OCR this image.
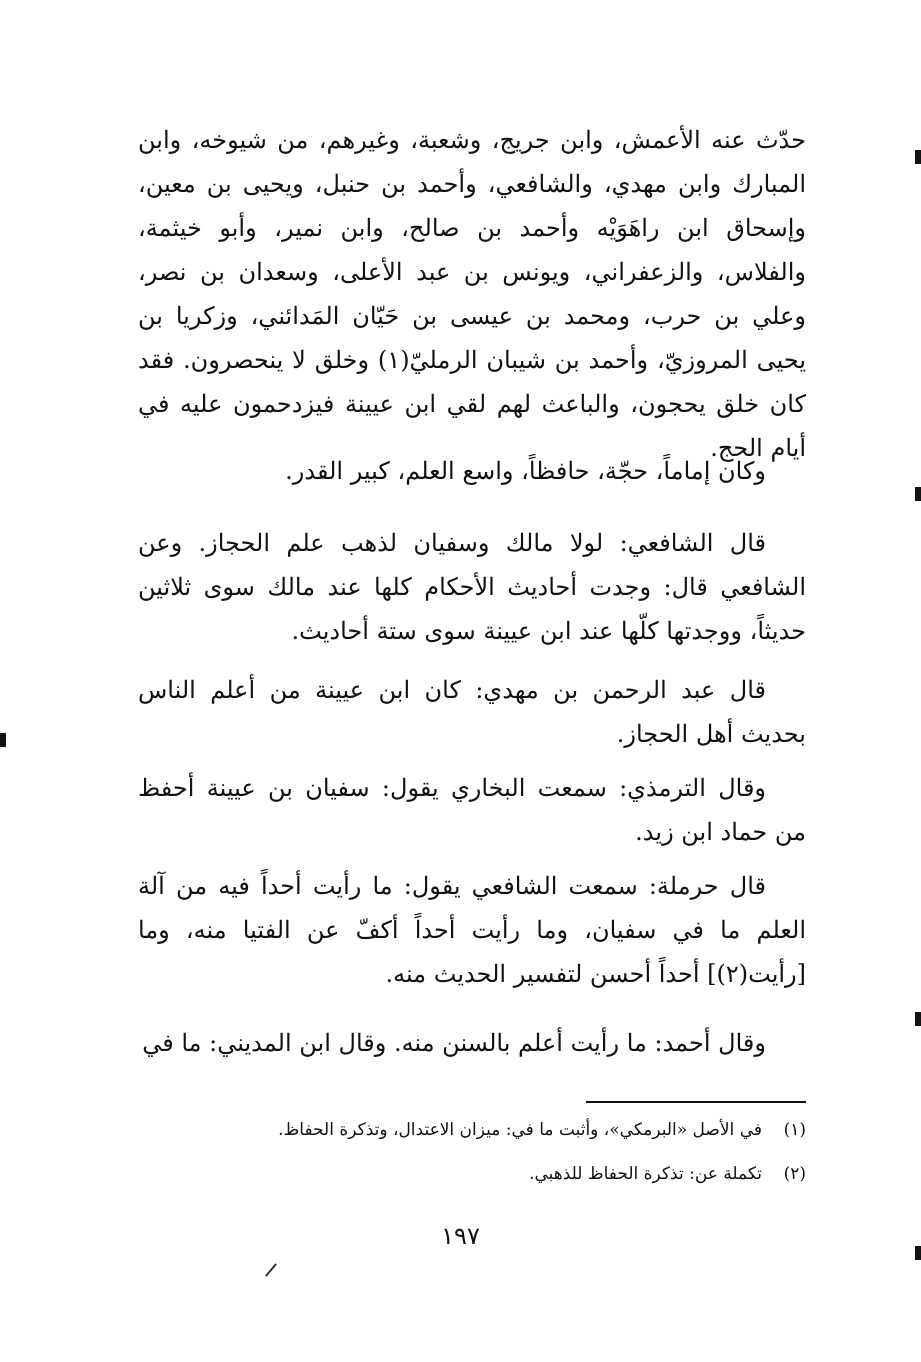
حدّث عنه الأعمش، وابن جريج، وشعبة، وغيرهم، من شيوخه، وابن المبارك وابن مهدي، والشافعي، وأحمد بن حنبل، ويحيى بن معين، وإسحاق ابن راهَوَيْه وأحمد بن صالح، وابن نمير، وأبو خيثمة، والفلاس، والزعفراني، ويونس بن عبد الأعلى، وسعدان بن نصر، وعلي بن حرب، ومحمد بن عيسى بن حَيّان المَدائني، وزكريا بن يحيى المروزيّ، وأحمد بن شيبان الرمليّ(١) وخلق لا ينحصرون. فقد كان خلق يحجون، والباعث لهم لقي ابن عيينة فيزدحمون عليه في أيام الحج.

وكان إماماً، حجّة، حافظاً، واسع العلم، كبير القدر.

قال الشافعي: لولا مالك وسفيان لذهب علم الحجاز. وعن الشافعي قال: وجدت أحاديث الأحكام كلها عند مالك سوى ثلاثين حديثاً، ووجدتها كلّها عند ابن عيينة سوى ستة أحاديث.

قال عبد الرحمن بن مهدي: كان ابن عيينة من أعلم الناس بحديث أهل الحجاز.

وقال الترمذي: سمعت البخاري يقول: سفيان بن عيينة أحفظ من حماد ابن زيد.

قال حرملة: سمعت الشافعي يقول: ما رأيت أحداً فيه من آلة العلم ما في سفيان، وما رأيت أحداً أكفّ عن الفتيا منه، وما [رأيت(٢)] أحداً أحسن لتفسير الحديث منه.

وقال أحمد: ما رأيت أعلم بالسنن منه. وقال ابن المديني: ما في

(١)في الأصل «البرمكي»، وأثبت ما في: ميزان الاعتدال، وتذكرة الحفاظ.
(٢)تكملة عن: تذكرة الحفاظ للذهبي.
١٩٧
